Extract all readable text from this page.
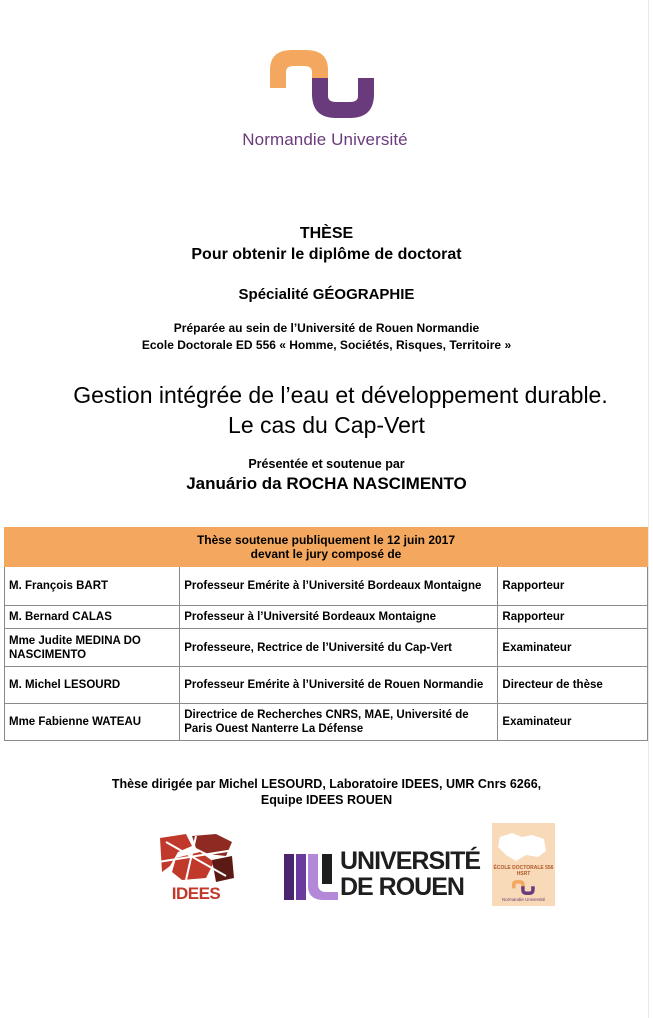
Normandie Université
THÈSE
Pour obtenir le diplôme de doctorat
Spécialité GÉOGRAPHIE
Préparée au sein de l’Université de Rouen Normandie
Ecole Doctorale ED 556 « Homme, Sociétés, Risques, Territoire »
Gestion intégrée de l’eau et développement durable.
Le cas du Cap-Vert
Présentée et soutenue par
Januário da ROCHA NASCIMENTO
Thèse soutenue publiquement le 12 juin 2017
devant le jury composé de		

M. François BART	Professeur Emérite à l’Université Bordeaux Montaigne	Rapporteur
M. Bernard CALAS	Professeur à l’Université Bordeaux Montaigne	Rapporteur
Mme Judite MEDINA DO NASCIMENTO	Professeure, Rectrice de l’Université du Cap-Vert	Examinateur
M. Michel LESOURD	Professeur Emérite à l’Université de Rouen Normandie	Directeur de thèse
Mme Fabienne WATEAU	Directrice de Recherches CNRS, MAE, Université de Paris Ouest Nanterre La Défense	Examinateur
Thèse dirigée par Michel LESOURD, Laboratoire IDEES, UMR Cnrs 6266,
Equipe IDEES ROUEN
IDEES
UNIVERSITÉ
DE ROUEN
ÉCOLE DOCTORALE 556 HSRT
Normandie Université
